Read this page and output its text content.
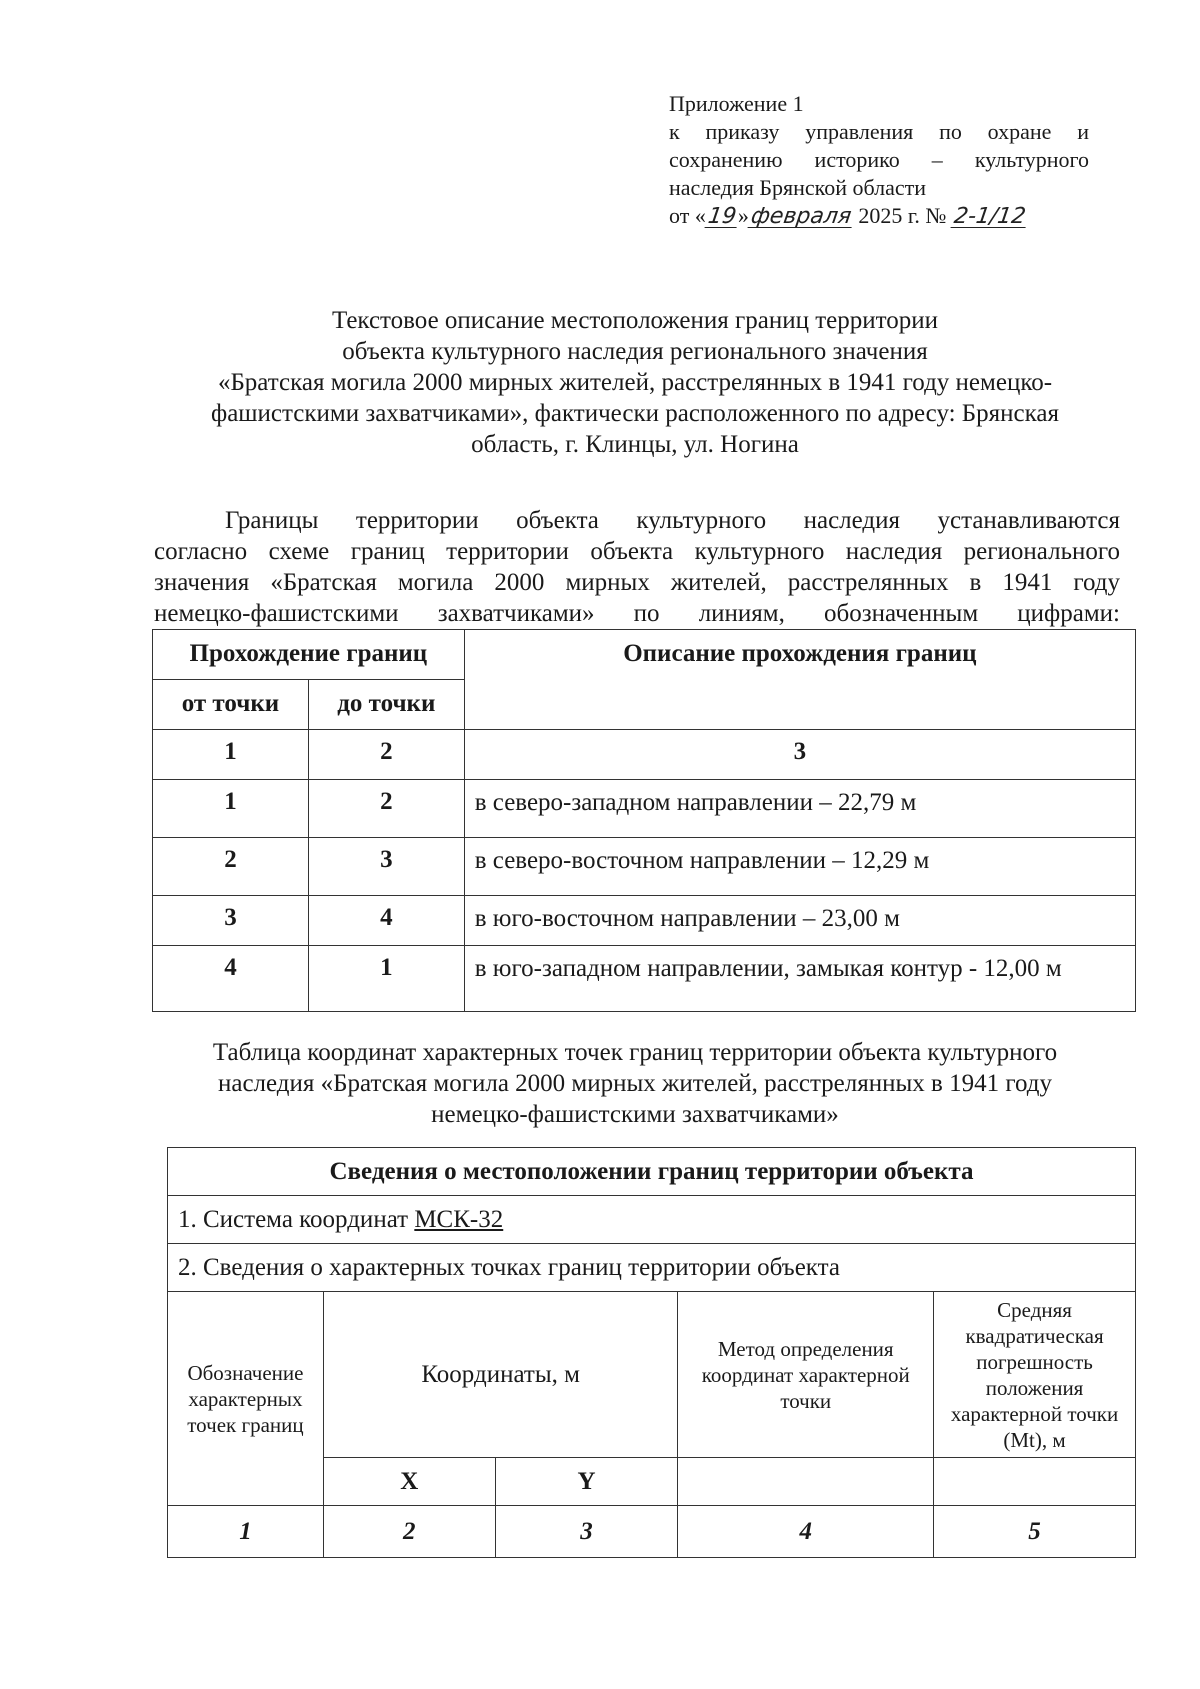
Приложение 1
к приказу управления по охране и
сохранению историко – культурного
наследия Брянской области
от «19»февраля 2025 г. № 2-1/12
Текстовое описание местоположения границ территории
объекта культурного наследия регионального значения
«Братская могила 2000 мирных жителей, расстрелянных в 1941 году немецко-
фашистскими захватчиками», фактически расположенного по адресу: Брянская
область, г. Клинцы, ул. Ногина
Границы территории объекта культурного наследия устанавливаются
согласно схеме границ территории объекта культурного наследия регионального
значения «Братская могила 2000 мирных жителей, расстрелянных в 1941 году
немецко-фашистскими захватчиками» по линиям, обозначенным цифрами:
Прохождение границ		Описание прохождения границ
от точки	до точки	
1	2	3
1	2	в северо-западном направлении – 22,79 м
2	3	в северо-восточном направлении – 12,29 м
3	4	в юго-восточном направлении – 23,00 м
4	1	в юго-западном направлении, замыкая контур - 12,00 м
Таблица координат характерных точек границ территории объекта культурного
наследия «Братская могила 2000 мирных жителей, расстрелянных в 1941 году
немецко-фашистскими захватчиками»
Сведения о местоположении границ территории объекта				
1. Система координат МСК-32				
2. Сведения о характерных точках границ территории объекта				
Обозначение характерных точек границ	Координаты, м		Метод определения координат характерной точки	Средняя квадратическая погрешность положения характерной точки (Mt), м
	X	Y		
1	2	3	4	5
